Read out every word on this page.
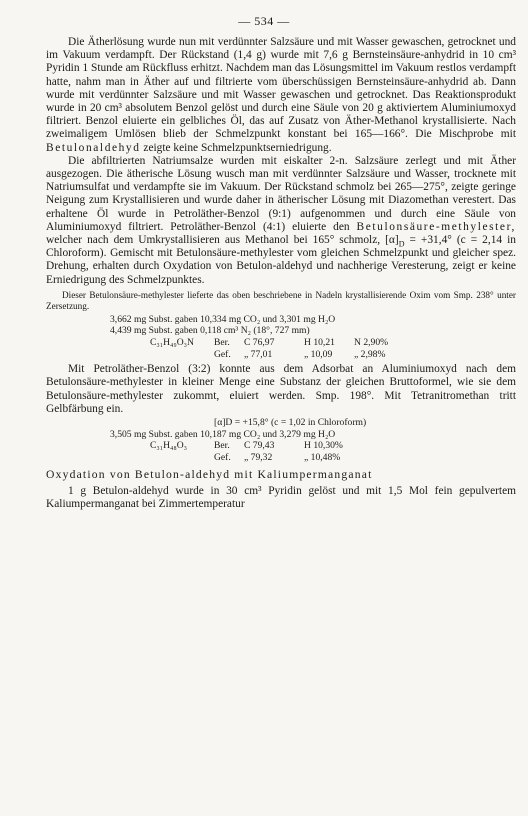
— 534 —

Die Ätherlösung wurde nun mit verdünnter Salzsäure und mit Wasser gewaschen, getrocknet und im Vakuum verdampft. Der Rückstand (1,4 g) wurde mit 7,6 g Bernsteinsäure-anhydrid in 10 cm³ Pyridin 1 Stunde am Rückfluss erhitzt. Nachdem man das Lösungsmittel im Vakuum restlos verdampft hatte, nahm man in Äther auf und filtrierte vom überschüssigen Bernsteinsäure-anhydrid ab. Dann wurde mit verdünnter Salzsäure und mit Wasser gewaschen und getrocknet. Das Reaktionsprodukt wurde in 20 cm³ absolutem Benzol gelöst und durch eine Säule von 20 g aktiviertem Aluminiumoxyd filtriert. Benzol eluierte ein gelbliches Öl, das auf Zusatz von Äther-Methanol krystallisierte. Nach zweimaligem Umlösen blieb der Schmelzpunkt konstant bei 165—166°. Die Mischprobe mit Betulonaldehyd zeigte keine Schmelzpunktserniedrigung.

Die abfiltrierten Natriumsalze wurden mit eiskalter 2-n. Salzsäure zerlegt und mit Äther ausgezogen. Die ätherische Lösung wusch man mit verdünnter Salzsäure und Wasser, trocknete mit Natriumsulfat und verdampfte sie im Vakuum. Der Rückstand schmolz bei 265—275°, zeigte geringe Neigung zum Krystallisieren und wurde daher in ätherischer Lösung mit Diazomethan verestert. Das erhaltene Öl wurde in Petroläther-Benzol (9:1) aufgenommen und durch eine Säule von Aluminiumoxyd filtriert. Petroläther-Benzol (4:1) eluierte den Betulonsäure-methylester, welcher nach dem Umkrystallisieren aus Methanol bei 165° schmolz, $[\alpha]_D = +31,4^\circ$ (c = 2,14 in Chloroform). Gemischt mit Betulonsäure-methylester vom gleichen Schmelzpunkt und gleicher spez. Drehung, erhalten durch Oxydation von Betulon-aldehyd und nachherige Veresterung, zeigt er keine Erniedrigung des Schmelzpunktes.

Dieser Betulonsäure-methylester lieferte das oben beschriebene in Nadeln krystallisierende Oxim vom Smp. 238° unter Zersetzung.

3,662 mg Subst. gaben 10,334 mg CO₂ und 3,301 mg H₂O
4,439 mg Subst. gaben 0,118 cm³ N₂ (18°, 727 mm)
C₃₁H₄₉O₃N Ber. C 76,97	H 10,21 N 2,90%
Gef. „ 77,01	„ 10,09 „ 2,98%

Mit Petroläther-Benzol (3:2) konnte aus dem Adsorbat an Aluminiumoxyd nach dem Betulonsäure-methylester in kleiner Menge eine Substanz der gleichen Bruttoformel, wie sie dem Betulonsäure-methylester zukommt, eluiert werden. Smp. 198°. Mit Tetranitromethan tritt Gelbfärbung ein.

[α]D = +15,8° (c = 1,02 in Chloroform)
3,505 mg Subst. gaben 10,187 mg CO₂ und 3,279 mg H₂O
C₃₁H₄₈O₃	Ber. C 79,43	H 10,30%
Gef. „ 79,32	„ 10,48%
Oxydation von Betulon-aldehyd mit Kaliumpermanganat

1 g Betulon-aldehyd wurde in 30 cm³ Pyridin gelöst und mit 1,5 Mol fein gepulvertem Kaliumpermanganat bei Zimmertemperatur
